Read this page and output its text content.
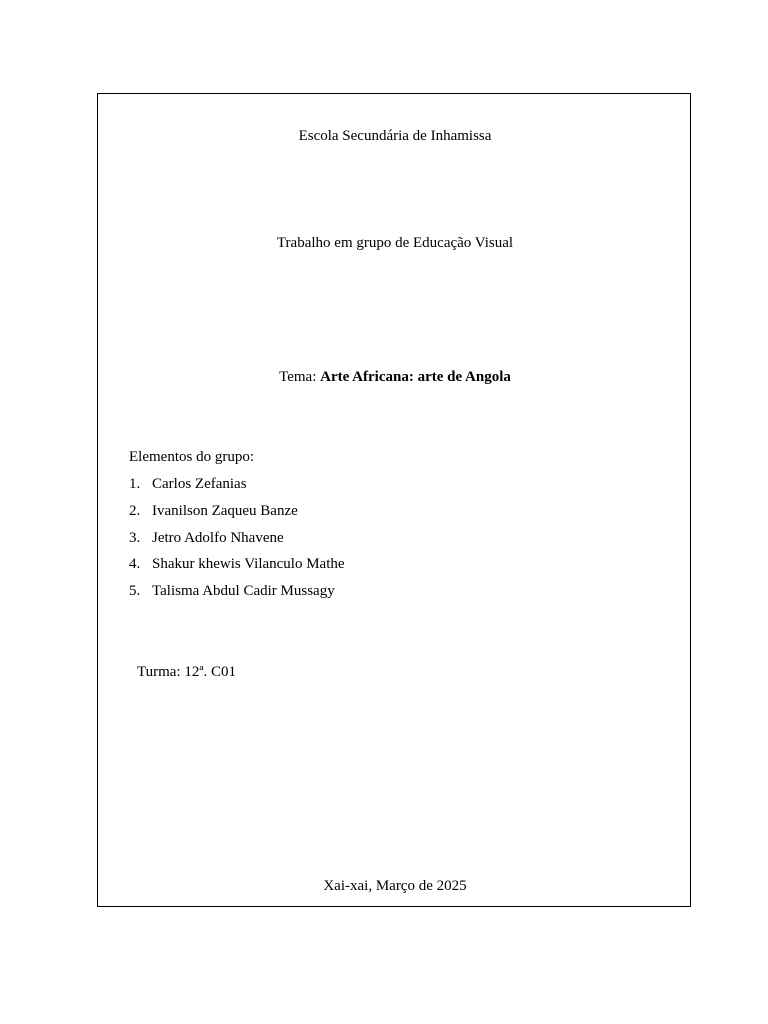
Escola Secundária de Inhamissa
Trabalho em grupo de Educação Visual
Tema: Arte Africana: arte de Angola
Elementos do grupo:
1. Carlos Zefanias
2. Ivanilson Zaqueu Banze
3. Jetro Adolfo Nhavene
4. Shakur khewis Vilanculo Mathe
5. Talisma Abdul Cadir Mussagy
Turma: 12ª. C01
Xai-xai, Março de 2025
